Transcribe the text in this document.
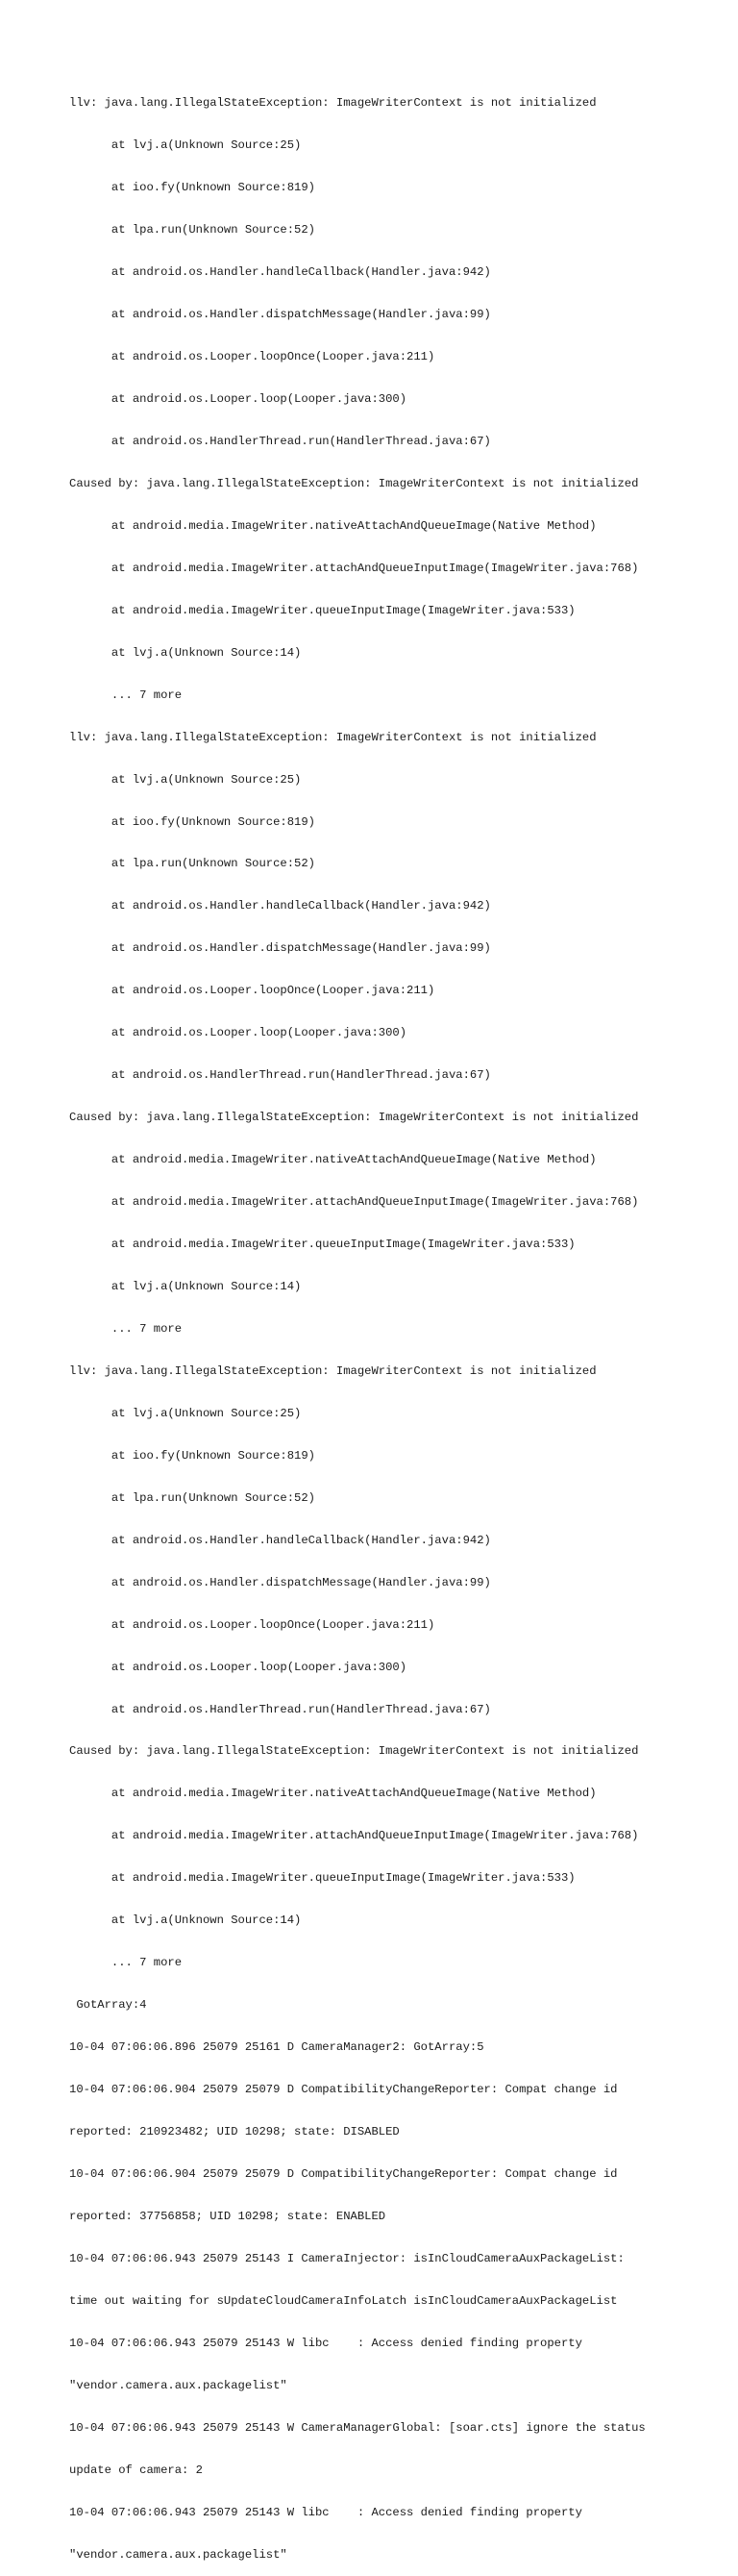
llv: java.lang.IllegalStateException: ImageWriterContext is not initialized

at lvj.a(Unknown Source:25)

at ioo.fy(Unknown Source:819)

at lpa.run(Unknown Source:52)

at android.os.Handler.handleCallback(Handler.java:942)

at android.os.Handler.dispatchMessage(Handler.java:99)

at android.os.Looper.loopOnce(Looper.java:211)

at android.os.Looper.loop(Looper.java:300)

at android.os.HandlerThread.run(HandlerThread.java:67)

Caused by: java.lang.IllegalStateException: ImageWriterContext is not initialized

at android.media.ImageWriter.nativeAttachAndQueueImage(Native Method)

at android.media.ImageWriter.attachAndQueueInputImage(ImageWriter.java:768)

at android.media.ImageWriter.queueInputImage(ImageWriter.java:533)

at lvj.a(Unknown Source:14)

... 7 more

llv: java.lang.IllegalStateException: ImageWriterContext is not initialized

at lvj.a(Unknown Source:25)

at ioo.fy(Unknown Source:819)

at lpa.run(Unknown Source:52)

at android.os.Handler.handleCallback(Handler.java:942)

at android.os.Handler.dispatchMessage(Handler.java:99)

at android.os.Looper.loopOnce(Looper.java:211)

at android.os.Looper.loop(Looper.java:300)

at android.os.HandlerThread.run(HandlerThread.java:67)

Caused by: java.lang.IllegalStateException: ImageWriterContext is not initialized

at android.media.ImageWriter.nativeAttachAndQueueImage(Native Method)

at android.media.ImageWriter.attachAndQueueInputImage(ImageWriter.java:768)

at android.media.ImageWriter.queueInputImage(ImageWriter.java:533)

at lvj.a(Unknown Source:14)

... 7 more

llv: java.lang.IllegalStateException: ImageWriterContext is not initialized

at lvj.a(Unknown Source:25)

at ioo.fy(Unknown Source:819)

at lpa.run(Unknown Source:52)

at android.os.Handler.handleCallback(Handler.java:942)

at android.os.Handler.dispatchMessage(Handler.java:99)

at android.os.Looper.loopOnce(Looper.java:211)

at android.os.Looper.loop(Looper.java:300)

at android.os.HandlerThread.run(HandlerThread.java:67)

Caused by: java.lang.IllegalStateException: ImageWriterContext is not initialized

at android.media.ImageWriter.nativeAttachAndQueueImage(Native Method)

at android.media.ImageWriter.attachAndQueueInputImage(ImageWriter.java:768)

at android.media.ImageWriter.queueInputImage(ImageWriter.java:533)

at lvj.a(Unknown Source:14)

... 7 more

GotArray:4

10-04 07:06:06.896 25079 25161 D CameraManager2: GotArray:5

10-04 07:06:06.904 25079 25079 D CompatibilityChangeReporter: Compat change id

reported: 210923482; UID 10298; state: DISABLED

10-04 07:06:06.904 25079 25079 D CompatibilityChangeReporter: Compat change id

reported: 37756858; UID 10298; state: ENABLED

10-04 07:06:06.943 25079 25143 I CameraInjector: isInCloudCameraAuxPackageList:

time out waiting for sUpdateCloudCameraInfoLatch isInCloudCameraAuxPackageList

10-04 07:06:06.943 25079 25143 W libc    : Access denied finding property

"vendor.camera.aux.packagelist"

10-04 07:06:06.943 25079 25143 W CameraManagerGlobal: [soar.cts] ignore the status

update of camera: 2

10-04 07:06:06.943 25079 25143 W libc    : Access denied finding property

"vendor.camera.aux.packagelist"
